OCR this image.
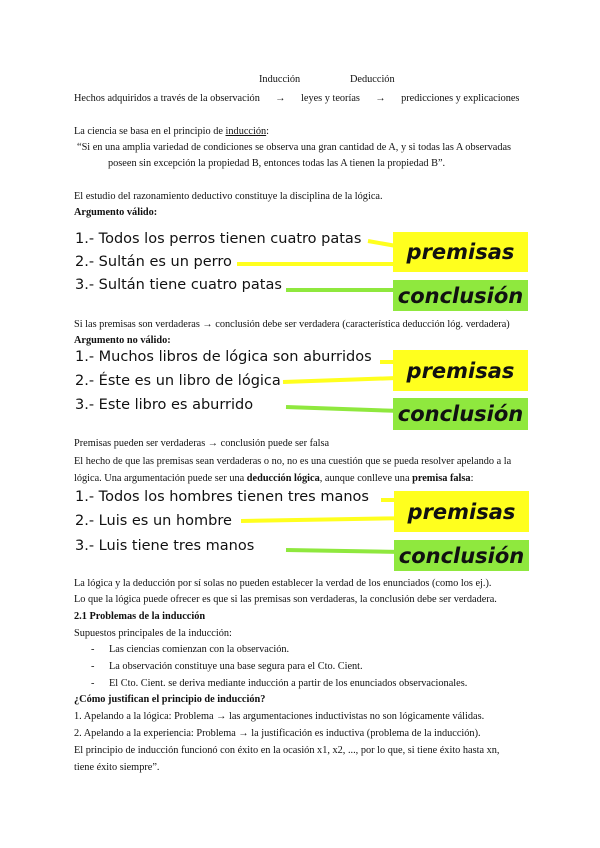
Inducción	Deducción
Hechos adquiridos a través de la observación → leyes y teorías → predicciones y explicaciones
La ciencia se basa en el principio de inducción:
“Si en una amplia variedad de condiciones se observa una gran cantidad de A, y si todas las A observadas
poseen sin excepción la propiedad B, entonces todas las A tienen la propiedad B”.
El estudio del razonamiento deductivo constituye la disciplina de la lógica.
Argumento válido:
1.- Todos los perros tienen cuatro patas
2.- Sultán es un perro
3.- Sultán tiene cuatro patas
premisas
conclusión
Si las premisas son verdaderas → conclusión debe ser verdadera (característica deducción lóg. verdadera)
Argumento no válido:
1.- Muchos libros de lógica son aburridos
2.- Éste es un libro de lógica
3.- Este libro es aburrido
premisas
conclusión
Premisas pueden ser verdaderas → conclusión puede ser falsa
El hecho de que las premisas sean verdaderas o no, no es una cuestión que se pueda resolver apelando a la
lógica. Una argumentación puede ser una deducción lógica, aunque conlleve una premisa falsa:
1.- Todos los hombres tienen tres manos
2.- Luis es un hombre
3.- Luis tiene tres manos
premisas
conclusión
La lógica y la deducción por sí solas no pueden establecer la verdad de los enunciados (como los ej.).
Lo que la lógica puede ofrecer es que si las premisas son verdaderas, la conclusión debe ser verdadera.
2.1 Problemas de la inducción
Supuestos principales de la inducción:
- Las ciencias comienzan con la observación.
- La observación constituye una base segura para el Cto. Cient.
- El Cto. Cient. se deriva mediante inducción a partir de los enunciados observacionales.
¿Cómo justifican el principio de inducción?
1. Apelando a la lógica: Problema → las argumentaciones inductivistas no son lógicamente válidas.
2. Apelando a la experiencia: Problema → la justificación es inductiva (problema de la inducción).
El principio de inducción funcionó con éxito en la ocasión x1, x2, ..., por lo que, si tiene éxito hasta xn,
tiene éxito siempre”.
